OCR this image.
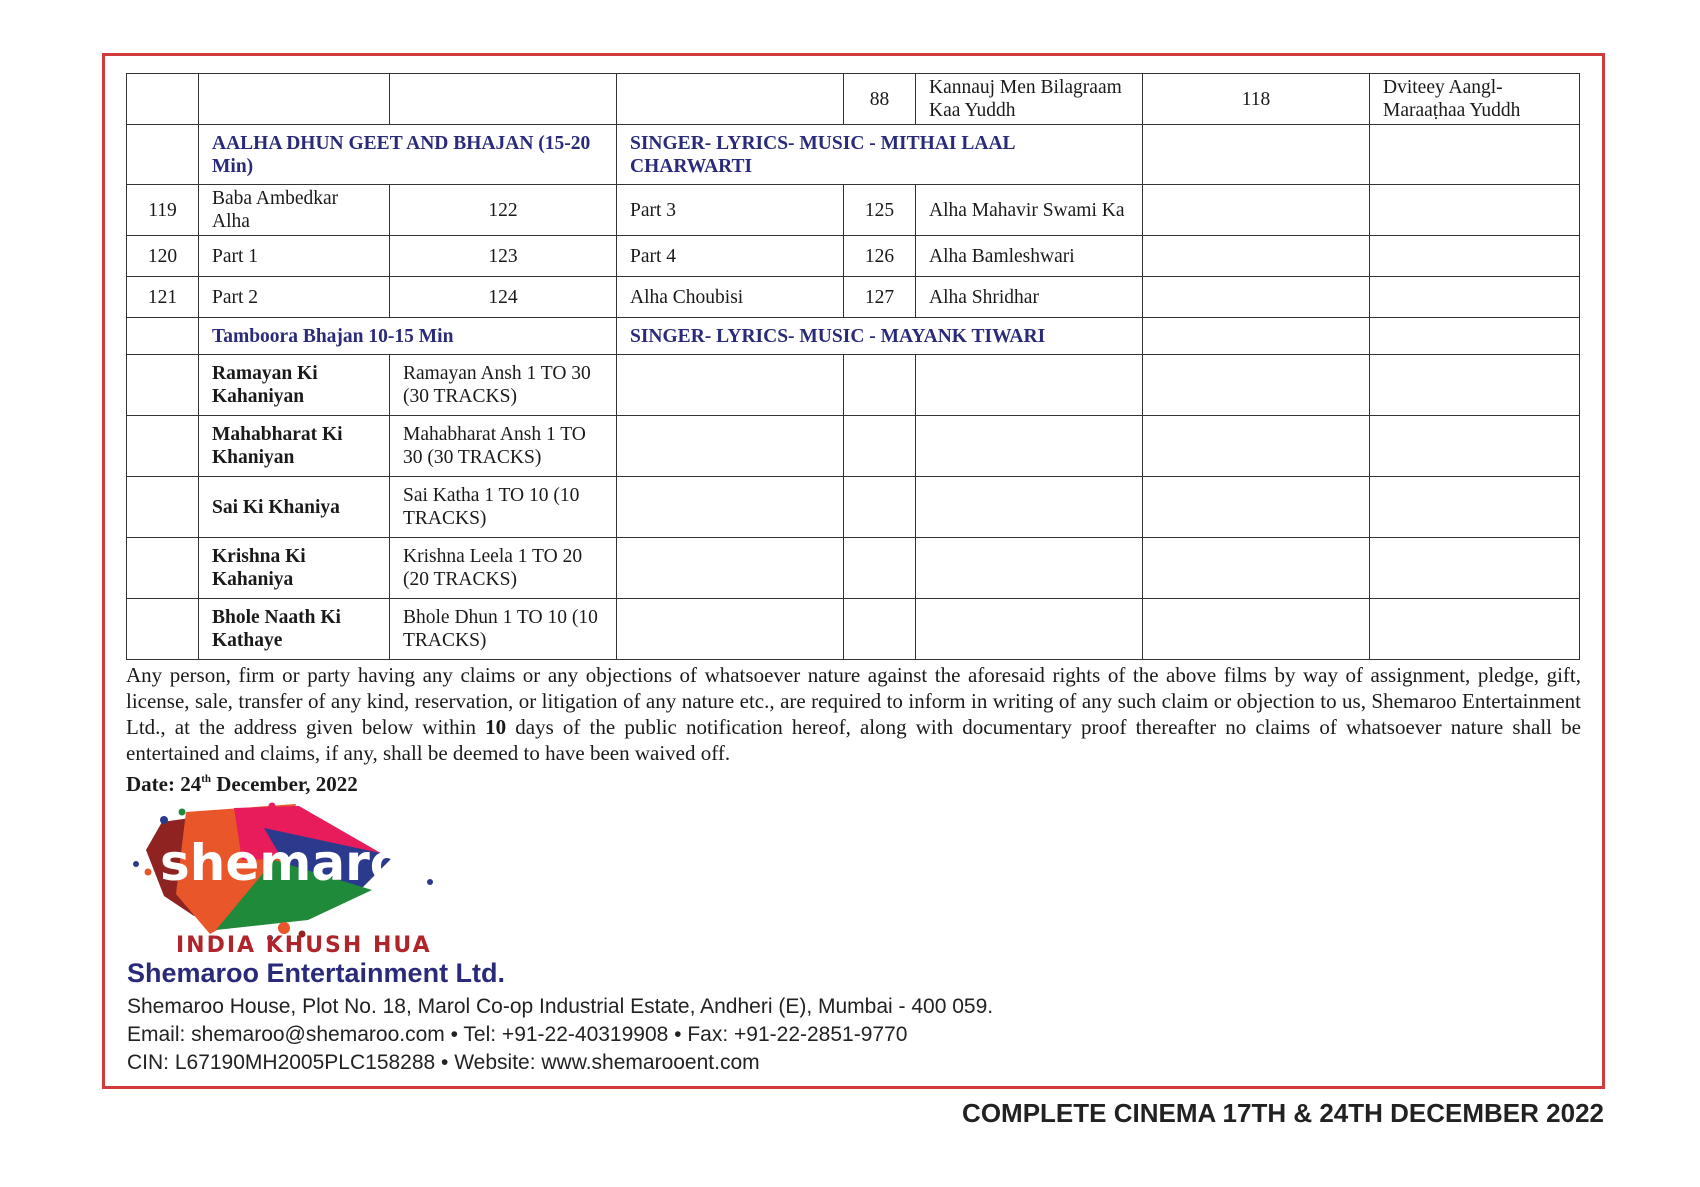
				88	Kannauj Men Bilagraam Kaa Yuddh	118	Dviteey Aangl-Maraaṭhaa Yuddh
	AALHA DHUN GEET AND BHAJAN (15-20 Min)		SINGER- LYRICS- MUSIC - MITHAI LAAL CHARWARTI				
119	Baba Ambedkar Alha	122	Part 3	125	Alha Mahavir Swami Ka		
120	Part 1	123	Part 4	126	Alha Bamleshwari		
121	Part 2	124	Alha Choubisi	127	Alha Shridhar		
	Tamboora Bhajan 10-15 Min		SINGER- LYRICS- MUSIC - MAYANK TIWARI				
	Ramayan Ki Kahaniyan	Ramayan Ansh 1 TO 30 (30 TRACKS)					
	Mahabharat Ki Khaniyan	Mahabharat Ansh 1 TO 30 (30 TRACKS)					
	Sai Ki Khaniya	Sai Katha 1 TO 10 (10 TRACKS)					
	Krishna Ki Kahaniya	Krishna Leela 1 TO 20 (20 TRACKS)					
	Bhole Naath Ki Kathaye	Bhole Dhun 1 TO 10 (10 TRACKS)					
Any person, firm or party having any claims or any objections of whatsoever nature against the aforesaid rights of the above films by way of assignment, pledge, gift, license, sale, transfer of any kind, reservation, or litigation of any nature etc., are required to inform in writing of any such claim or objection to us, Shemaroo Entertainment Ltd., at the address given below within 10 days of the public notification hereof, along with documentary proof thereafter no claims of whatsoever nature shall be entertained and claims, if any, shall be deemed to have been waived off.
Date: 24th December, 2022
shemaroo
INDIA KHUSH HUA
Shemaroo Entertainment Ltd.
Shemaroo House, Plot No. 18, Marol Co-op Industrial Estate, Andheri (E), Mumbai - 400 059.
Email: shemaroo@shemaroo.com • Tel: +91-22-40319908 • Fax: +91-22-2851-9770
CIN: L67190MH2005PLC158288 • Website: www.shemarooent.com
COMPLETE CINEMA 17TH & 24TH DECEMBER 2022
